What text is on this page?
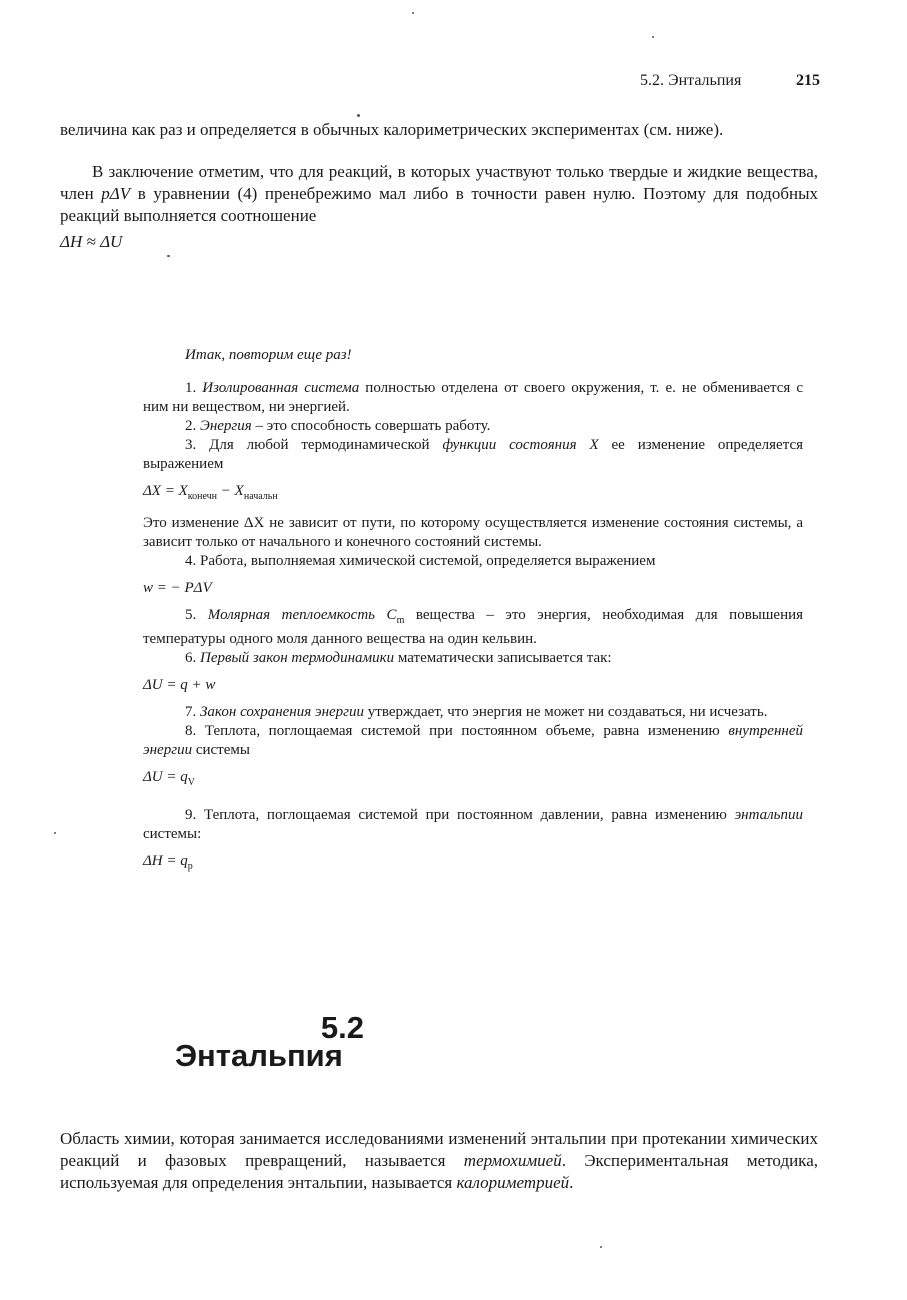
5.2. Энтальпия	215
величина как раз и определяется в обычных калориметрических экспериментах (см. ниже).
В заключение отметим, что для реакций, в которых участвуют только твердые и жидкие вещества, член pΔV в уравнении (4) пренебрежимо мал либо в точности равен нулю. Поэтому для подобных реакций выполняется соотношение
ΔH ≈ ΔU
Итак, повторим еще раз!
1. Изолированная система полностью отделена от своего окружения, т. е. не обменивается с ним ни веществом, ни энергией.
2. Энергия – это способность совершать работу.
3. Для любой термодинамической функции состояния X ее изменение определяется выражением
$\Delta X = X_{конечн} - X_{начальн}$
Это изменение ΔX не зависит от пути, по которому осуществляется изменение состояния системы, а зависит только от начального и конечного состояний системы.
4. Работа, выполняемая химической системой, определяется выражением
w = − PΔV
5. Молярная теплоемкость $C_m$ вещества – это энергия, необходимая для повышения температуры одного моля данного вещества на один кельвин.
6. Первый закон термодинамики математически записывается так:
ΔU = q + w
7. Закон сохранения энергии утверждает, что энергия не может ни создаваться, ни исчезать.
8. Теплота, поглощаемая системой при постоянном объеме, равна изменению внутренней энергии системы
$\Delta U = q_V$
9. Теплота, поглощаемая системой при постоянном давлении, равна изменению энтальпии системы:
$\Delta H = q_p$
5.2
Энтальпия
Область химии, которая занимается исследованиями изменений энтальпии при протекании химических реакций и фазовых превращений, называется термохимией. Экспериментальная методика, используемая для определения энтальпии, называется калориметрией.
